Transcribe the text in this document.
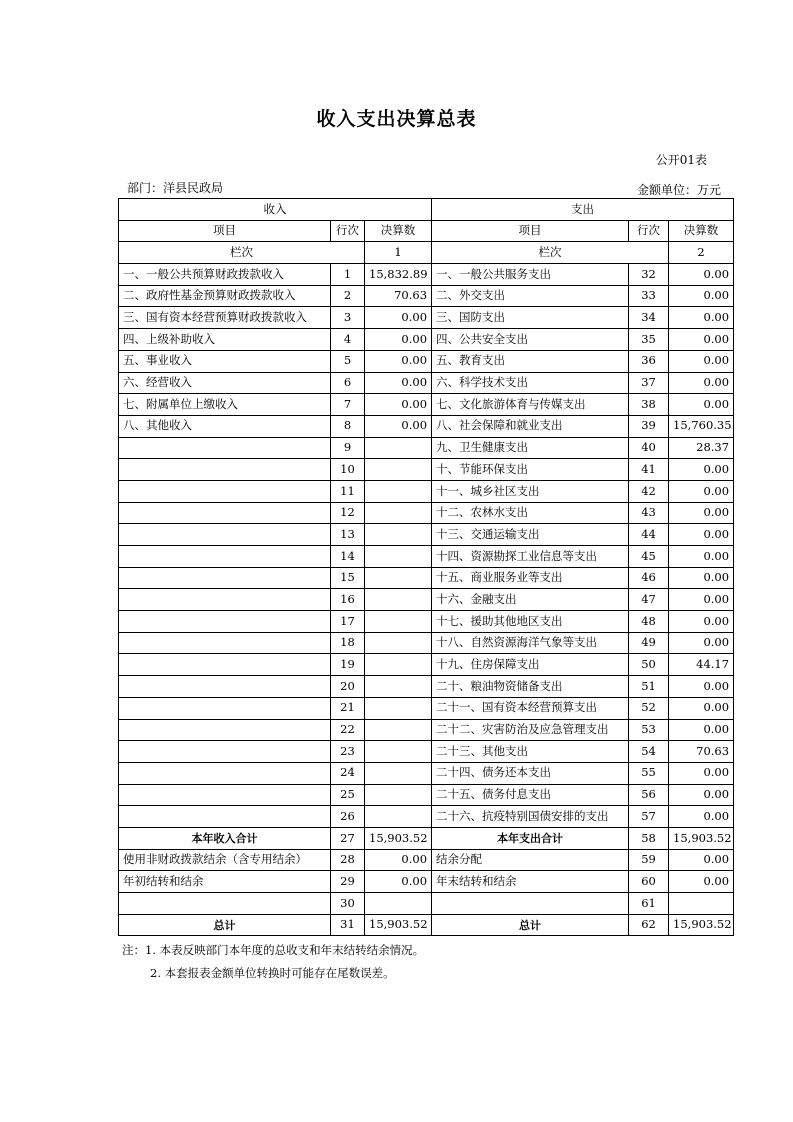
收入支出决算总表
公开01表
部门：洋县民政局	金额单位：万元
收入			支出		
项目	行次	决算数	项目	行次	决算数
栏次		1	栏次		2
一、一般公共预算财政拨款收入	1	15,832.89	一、一般公共服务支出	32	0.00
二、政府性基金预算财政拨款收入	2	70.63	二、外交支出	33	0.00
三、国有资本经营预算财政拨款收入	3	0.00	三、国防支出	34	0.00
四、上级补助收入	4	0.00	四、公共安全支出	35	0.00
五、事业收入	5	0.00	五、教育支出	36	0.00
六、经营收入	6	0.00	六、科学技术支出	37	0.00
七、附属单位上缴收入	7	0.00	七、文化旅游体育与传媒支出	38	0.00
八、其他收入	8	0.00	八、社会保障和就业支出	39	15,760.35
	9		九、卫生健康支出	40	28.37
	10		十、节能环保支出	41	0.00
	11		十一、城乡社区支出	42	0.00
	12		十二、农林水支出	43	0.00
	13		十三、交通运输支出	44	0.00
	14		十四、资源勘探工业信息等支出	45	0.00
	15		十五、商业服务业等支出	46	0.00
	16		十六、金融支出	47	0.00
	17		十七、援助其他地区支出	48	0.00
	18		十八、自然资源海洋气象等支出	49	0.00
	19		十九、住房保障支出	50	44.17
	20		二十、粮油物资储备支出	51	0.00
	21		二十一、国有资本经营预算支出	52	0.00
	22		二十二、灾害防治及应急管理支出	53	0.00
	23		二十三、其他支出	54	70.63
	24		二十四、债务还本支出	55	0.00
	25		二十五、债务付息支出	56	0.00
	26		二十六、抗疫特别国债安排的支出	57	0.00
本年收入合计	27	15,903.52	本年支出合计	58	15,903.52
使用非财政拨款结余（含专用结余）	28	0.00	结余分配	59	0.00
年初结转和结余	29	0.00	年末结转和结余	60	0.00
	30			61	
总计	31	15,903.52	总计	62	15,903.52
注：1. 本表反映部门本年度的总收支和年末结转结余情况。
2. 本套报表金额单位转换时可能存在尾数误差。
